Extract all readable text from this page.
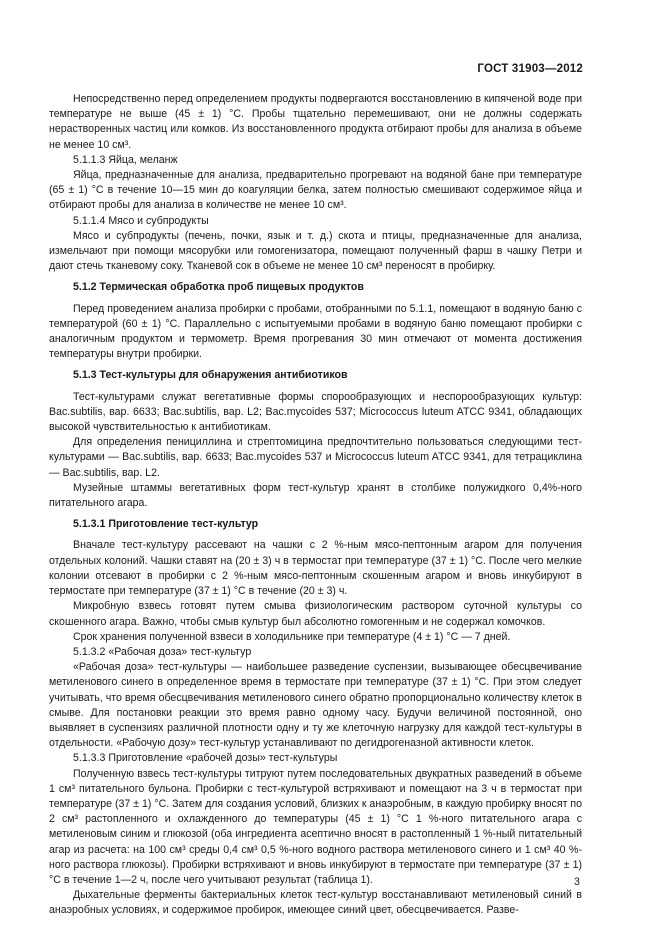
ГОСТ 31903—2012

Непосредственно перед определением продукты подвергаются восстановлению в кипяченой воде при температуре не выше (45 ± 1) °С. Пробы тщательно перемешивают, они не должны содержать нерастворенных частиц или комков. Из восстановленного продукта отбирают пробы для анализа в объеме не менее 10 см³.

5.1.1.3 Яйца, меланж

Яйца, предназначенные для анализа, предварительно прогревают на водяной бане при температуре (65 ± 1) °С в течение 10—15 мин до коагуляции белка, затем полностью смешивают содержимое яйца и отбирают пробы для анализа в количестве не менее 10 см³.

5.1.1.4 Мясо и субпродукты

Мясо и субпродукты (печень, почки, язык и т. д.) скота и птицы, предназначенные для анализа, измельчают при помощи мясорубки или гомогенизатора, помещают полученный фарш в чашку Петри и дают стечь тканевому соку. Тканевой сок в объеме не менее 10 см³ переносят в пробирку.

5.1.2 Термическая обработка проб пищевых продуктов

Перед проведением анализа пробирки с пробами, отобранными по 5.1.1, помещают в водяную баню с температурой (60 ± 1) °С. Параллельно с испытуемыми пробами в водяную баню помещают пробирки с аналогичным продуктом и термометр. Время прогревания 30 мин отмечают от момента достижения температуры внутри пробирки.

5.1.3 Тест-культуры для обнаружения антибиотиков

Тест-культурами служат вегетативные формы спорообразующих и неспорообразующих культур: Bac.subtilis, вар. 6633; Bac.subtilis, вар. L2; Bac.mycoides 537; Micrococcus luteum ATCC 9341, обладающих высокой чувствительностью к антибиотикам.

Для определения пенициллина и стрептомицина предпочтительно пользоваться следующими тест-культурами — Bac.subtilis, вар. 6633; Bac.mycoides 537 и Micrococcus luteum ATCC 9341, для тетрациклина — Bac.subtilis, вар. L2.

Музейные штаммы вегетативных форм тест-культур хранят в столбике полужидкого 0,4%-ного питательного агара.

5.1.3.1 Приготовление тест-культур

Вначале тест-культуру рассевают на чашки с 2 %-ным мясо-пептонным агаром для получения отдельных колоний. Чашки ставят на (20 ± 3) ч в термостат при температуре (37 ± 1) °С. После чего мелкие колонии отсевают в пробирки с 2 %-ным мясо-пептонным скошенным агаром и вновь инкубируют в термостате при температуре (37 ± 1) °С в течение (20 ± 3) ч.

Микробную взвесь готовят путем смыва физиологическим раствором суточной культуры со скошенного агара. Важно, чтобы смыв культур был абсолютно гомогенным и не содержал комочков.

Срок хранения полученной взвеси в холодильнике при температуре (4 ± 1) °С — 7 дней.

5.1.3.2 «Рабочая доза» тест-культур

«Рабочая доза» тест-культуры — наибольшее разведение суспензии, вызывающее обесцвечивание метиленового синего в определенное время в термостате при температуре (37 ± 1) °С. При этом следует учитывать, что время обесцвечивания метиленового синего обратно пропорционально количеству клеток в смыве. Для постановки реакции это время равно одному часу. Будучи величиной постоянной, оно выявляет в суспензиях различной плотности одну и ту же клеточную нагрузку для каждой тест-культуры в отдельности. «Рабочую дозу» тест-культур устанавливают по дегидрогеназной активности клеток.

5.1.3.3 Приготовление «рабочей дозы» тест-культуры

Полученную взвесь тест-культуры титруют путем последовательных двукратных разведений в объеме 1 см³ питательного бульона. Пробирки с тест-культурой встряхивают и помещают на 3 ч в термостат при температуре (37 ± 1) °С. Затем для создания условий, близких к анаэробным, в каждую пробирку вносят по 2 см³ растопленного и охлажденного до температуры (45 ± 1) °С 1 %-ного питательного агара с метиленовым синим и глюкозой (оба ингредиента асептично вносят в растопленный 1 %-ный питательный агар из расчета: на 100 см³ среды 0,4 см³ 0,5 %-ного водного раствора метиленового синего и 1 см³ 40 %-ного раствора глюкозы). Пробирки встряхивают и вновь инкубируют в термостате при температуре (37 ± 1) °С в течение 1—2 ч, после чего учитывают результат (таблица 1).

Дыхательные ферменты бактериальных клеток тест-культур восстанавливают метиленовый синий в анаэробных условиях, и содержимое пробирок, имеющее синий цвет, обесцвечивается. Разве-

3
